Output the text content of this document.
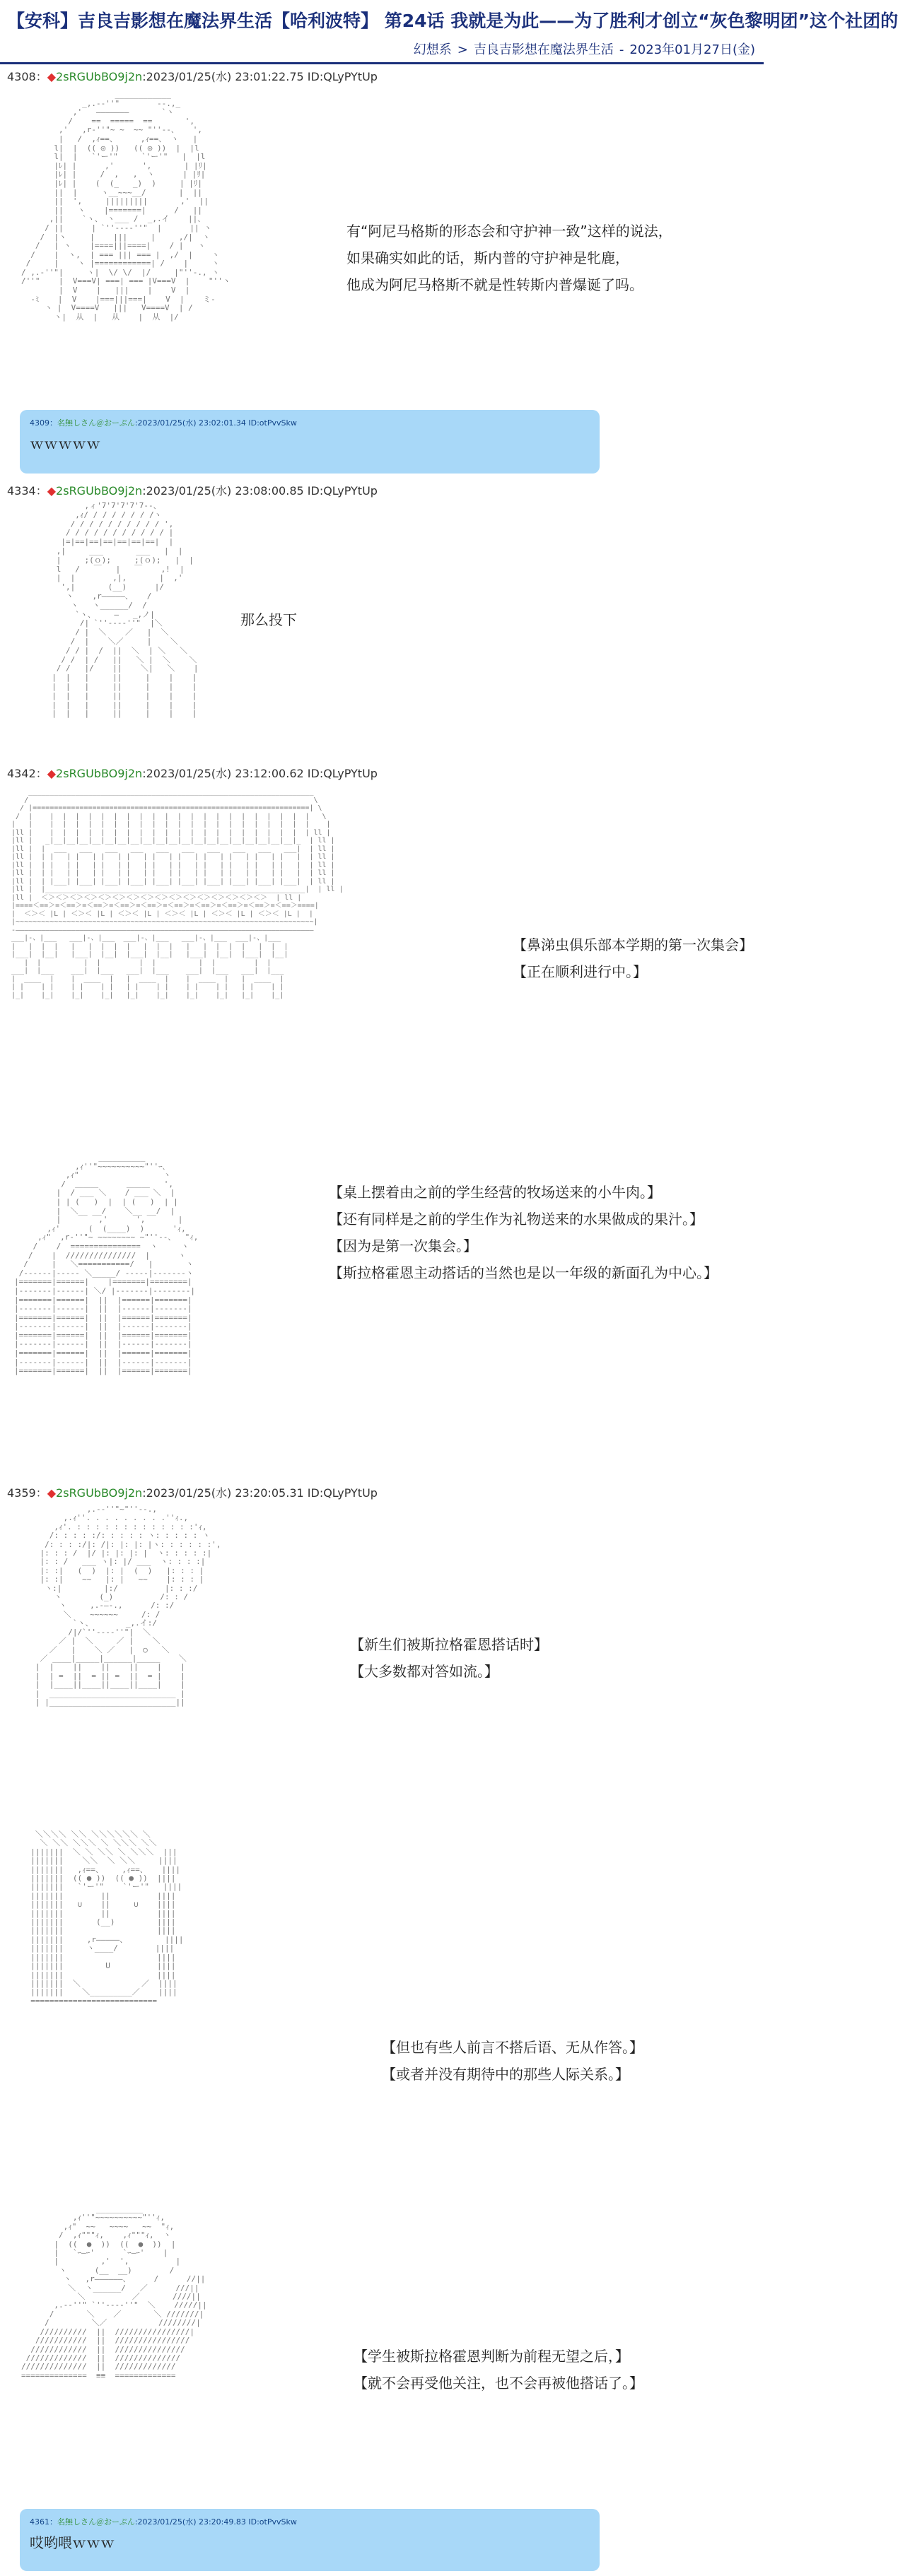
【安科】吉良吉影想在魔法界生活【哈利波特】 第24话 我就是为此——为了胜利才创立“灰色黎明团”这个社团的
幻想系 > 吉良吉影想在魔法界生活 - 2023年01月27日(金)
4308：◆2sRGUbBO9j2n:2023/01/25(水) 23:01:22.75 ID:QLyPYtUp
____________
_,.-‐''"        ‐-.,_
,'   ―――――――       `ヽ
/    ==  =====  ==       ',
,'   ,r‐''"~ ~  ~~ "''‐-、   ',
|   /  ,ｨ==、     ,ｨ==、 ヽ   |
l|  |  (( ◎ ))   (( ◎ ))  |  |l
l|  |   `'ー'"     `'ー'"   |  |l
|ﾚ| |      ,'      ',       | |ﾘ|
|ﾚ| |     /  ,   ,  ヽ      | |ﾘ|
|ﾚ| |    (  (_   _)  )     | |ﾘ|
||  |     ヽ__~~~__/       |  ||
||  ',     |||||||||       ,'  ||
||   ヽ    |=======|      /   ||
,||    `ヽ、 ヽ___ /  _,.イ    ||、
/ ||      | `''‐--‐''"  |      || ヽ
/  |ヽ     |    |||     |     ,/|  ヽ
/   | ヽ    |====|||====|    / |   ヽ
/    |  ヽ,  | === ||| === |  ,/  |    ヽ
/     |    ヽ |============| /    |     ヽ
/ ,.‐''"|     ヽ|  \/ \/  |/     |"''‐., ヽ
/''"    |  V===V| ===| === |V===V  |    "''ヽ
|  V    |   |||    |    V  |
-ﾐ    |  V    |===|||===|    V  |    ミ-
ヽ |  V====V   |||   V====V  | /
ヽ|  从  |   从    |  从  |/

有“阿尼马格斯的形态会和守护神一致”这样的说法，
如果确实如此的话，斯内普的守护神是牝鹿，
他成为阿尼马格斯不就是性转斯内普爆诞了吗。
4309：名無しさん＠おーぷん:2023/01/25(水) 23:02:01.34 ID:otPvvSkw
ｗｗｗｗｗ
4334：◆2sRGUbBO9j2n:2023/01/25(水) 23:08:00.85 ID:QLyPYtUp
,ィ'7'7'7'7'7‐-、
,ｨ/ / / / / / / /ヽ
/ / / / / / / / / / ',
/ / / / / / / / / / / |
|=|==|==|==|==|==|==|  |
,|     ___       ___   |  |
|     ;(ｏ);     ;(ｏ);   |  |
l   /   ￣   |   ￣    ,!  |
|  |        ,|,       |  ,'
',|       (__)      |/
ヽ    ,r―――――、   /
ヽ   ヽ______/  /
`ヽ、    ―   _,ノ|
/| `''‐--‐''"  |＼
/ |  ＼    ／   |  ＼
/  |    ＼／     |    ＼
/ / |  /  ||  ＼  | ＼   ＼
/ /  | /   ||   ＼ |  ＼    ＼
/ /   |/    ||    ＼|   ＼    |
|  |   |     ||     |    |    |
|  |   |     ||     |    |    |
|  |   |     ||     |    |    |
|  |   |     ||     |    |    |
|  |   |     ||     |    |    |

那么投下
4342：◆2sRGUbBO9j2n:2023/01/25(水) 23:12:00.62 ID:QLyPYtUp
___________________________________________________________________
/                                                                   \
/ |=================================================================| \
/  |    |  |  |  |  |  |  |  |  |  |  |  |  |  |  |  |  |  |  |  |  |   \
|   |    |  |  |  |  |  |  |  |  |  |  |  |  |  |  |  |  |  |  |  |  |    |
|ll |    |  |  |  |  |  |  |  |  |  |  |  |  |  |  |  |  |  |  |  |  | ll |
|ll |   _|__|__|__|__|__|__|__|__|__|__|__|__|__|__|__|__|__|__|__|_  | ll |
|ll |  |  ___   ___   ___   ___   ___   ___   ___   ___   ___   ___|  | ll |
|ll |  | |   | |   | |   | |   | |   | |   | |   | |   | |   | |   |  | ll |
|ll |  | |   | |   | |   | |   | |   | |   | |   | |   | |   | |   |  | ll |
|ll |  | |   | |   | |   | |   | |   | |   | |   | |   | |   | |   |  | ll |
|ll |  | |___| |___| |___| |___| |___| |___| |___| |___| |___| |___|  | ll |
|ll |  |_____________________________________________________________|  | ll |
|ll |  ＜＞＜＞＜＞＜＞＜＞＜＞＜＞＜＞＜＞＜＞＜＞＜＞＜＞＜＞＜＞＜＞  | ll |
|====＜==＞=＜==＞=＜==＞=＜==＞=＜==＞=＜==＞=＜==＞=＜==＞=＜==＞=＜==＞====|
|  ＜＞＜ |L | ＜＞＜ |L | ＜＞＜ |L | ＜＞＜ |L | ＜＞＜ |L | ＜＞＜ |L |  |
|~~~~~~~~~~~~~~~~~~~~~~~~~~~~~~~~~~~~~~~~~~~~~~~~~~~~~~~~~~~~~~~~~~~~~~|
‐――――――――――――――――――――――――――――――――――――――――――――――――――――――――――――――――――――――
___|‐、|___   ___|‐、|___  ___|‐、|___   ___|‐、|___  ___|‐、|___
|   |  |  |   |   |  |  |  |   |  |  |   |   |  |  |  |   |  |  |
|___|  |__|   |___|  |__|  |___|  |__|   |___|  |__|  |___|  |__|
|  |          |  |         |  |          |  |         |  |
___|  |___    ___|  |___   ___|  |___    ___|  |___   ___|  |___
|  ____  |    |  ____  |   |  ____  |    |  ____  |   |  ____  |
| |    | |    | |    | |   | |    | |    | |    | |   | |    | |
|_|    |_|    |_|    |_|   |_|    |_|    |_|    |_|   |_|    |_|

【鼻涕虫俱乐部本学期的第一次集会】
【正在顺利进行中。】
__________
,ｨ''"~~~~~~~~~~"''ｰ､
,ｨ"                  ヽ
/  ＿＿＿      ＿＿＿   ',
|  / ___ ＼    / ___ ＼  |
| | (   )  |  | (   )  | |
|  ＼__ __/    ＼__ __/  |
|        ,'      ',       |
,ｨ'      (  (____)  )      'ｨ,
,ｨ"  ,r‐''"~ ~~~~~~~~ ~"''‐-、  "ｨ,
/    /  ===============  ヽ     ヽ
/    |  ///////////////  |      ヽ
/     |   ＼===========/   |       ヽ
/‐‐‐‐‐‐|‐‐‐‐‐ ＼_____/ ‐‐‐‐‐|‐‐‐‐‐‐‐ヽ
|=======|======|    |=======|========|
|‐‐‐‐‐‐‐|‐‐‐‐‐‐| ＼/ |‐‐‐‐‐‐‐|‐‐‐‐‐‐‐‐|
|=======|======|  ||  |======|=======|
|‐‐‐‐‐‐‐|‐‐‐‐‐‐|  ||  |‐‐‐‐‐‐|‐‐‐‐‐‐‐|
|=======|======|  ||  |======|=======|
|‐‐‐‐‐‐‐|‐‐‐‐‐‐|  ||  |‐‐‐‐‐‐|‐‐‐‐‐‐‐|
|=======|======|  ||  |======|=======|
|‐‐‐‐‐‐‐|‐‐‐‐‐‐|  ||  |‐‐‐‐‐‐|‐‐‐‐‐‐‐|
|=======|======|  ||  |======|=======|
|‐‐‐‐‐‐‐|‐‐‐‐‐‐|  ||  |‐‐‐‐‐‐|‐‐‐‐‐‐‐|
|=======|======|  ||  |======|=======|

【桌上摆着由之前的学生经营的牧场送来的小牛肉。】
【还有同样是之前的学生作为礼物送来的水果做成的果汁。】
【因为是第一次集会。】
【斯拉格霍恩主动搭话的当然也是以一年级的新面孔为中心。】
4359：◆2sRGUbBO9j2n:2023/01/25(水) 23:20:05.31 ID:QLyPYtUp
,.-‐''"~"''‐-.,
,.ｨ''. . . . . . . . .''ｨ.,
,ｨ'. : : : : : : : : : : : : :'ｨ,
/: : : : :/: : : : : ヽ: : : : : ヽ
/: : : :/|: /|: |: |: |ヽ: : : : : :',
|: : : /  |/ |: |: |: |  ヽ: : : : :|
|: : /   ___ ヽ|: |/ ___  ヽ: : : :|
|: :|   (  )  |: |  (  )   |: : : |
|: :|    ~~   |: |   ~~    |: : : |
ヽ:|         |:/          |: : :/
ヽ        (_)          /: : /
ヽ     ,.-―-.,      /: :/
＼    ~~~~~~     /: /
`ヽ、       _,.イ:/
/|/`''‐--‐''"|  ＼
／ |  ＼     ／ |    ＼
／   |    ＼ ／   |  ○   ＼
／ ____|_____|______|_____    ＼
|  |    ||    ||    ||    |    |
|  | =  ||  = || =  ||  = |    |
|  |____||____||____||____|    |
|  ___________________________ |
| |___________________________||

【新生们被斯拉格霍恩搭话时】
【大多数都对答如流。】
＼＼＼＼ ＼＼ ＼＼＼＼＼＼ ＼
＼ ＼＼ ＼＼＼ ＼ ＼＼＼ ＼＼
|||||||  ＼ ＼ ＼＼ ＼ ＼＼＼  |||
|||||||    ＼＼  ＼ ＼＼     ||||
|||||||   ,ｨ==、    ,ｨ==、   ||||
|||||||  (( ● ))  (( ● ))  ||||
|||||||   `'ー'"    `'ー'"   ||||
|||||||        ||          ||||
|||||||   ∪    ||     ∪    ||||
|||||||        ||          ||||
|||||||       (__)         ||||
|||||||                    ||||
|||||||     ,r―――――、        ||||
|||||||     ヽ____/        ||||
|||||||                    ||||
|||||||         U          ||||
|||||||                    ||||
|||||||  ＼             ／  ||||
|||||||    ＼_________／    ||||
===========================

【但也有些人前言不搭后语、无从作答。】
【或者并没有期待中的那些人际关系。】
__________
,ｨ''"~~~~~~~~~~"''ｨ,
,ｨ"  ~~   ~~~~   ~~  "ｨ,
/  ,ｨ"""ｨ,    ,ｨ"""ｨ,  ヽ
|  ((  ●  ))  ((  ●  ))  |
|   `ｰ―ｰ'      `ｰ―ｰ'    |
|         ,'  ',          |
ヽ      (__  __)        /
ヽ   ,r――――――、     /      //||
＼  ヽ______/   ／      ///||
＼          ／       ////||
,.-‐''" `''‐--‐''"  ＼    /////||
/       ＼    ／       ＼ ///////|
/         ＼／           ////////|
//////////  ||  ////////////////|
///////////  ||  ////////////////
////////////  ||  ///////////////
/////////////  ||  //////////////
//////////////  ||  /////////////
==============  ≡≡  =============

【学生被斯拉格霍恩判断为前程无望之后，】
【就不会再受他关注，也不会再被他搭话了。】
4361：名無しさん＠おーぷん:2023/01/25(水) 23:20:49.83 ID:otPvvSkw
哎哟喂ｗｗｗ
